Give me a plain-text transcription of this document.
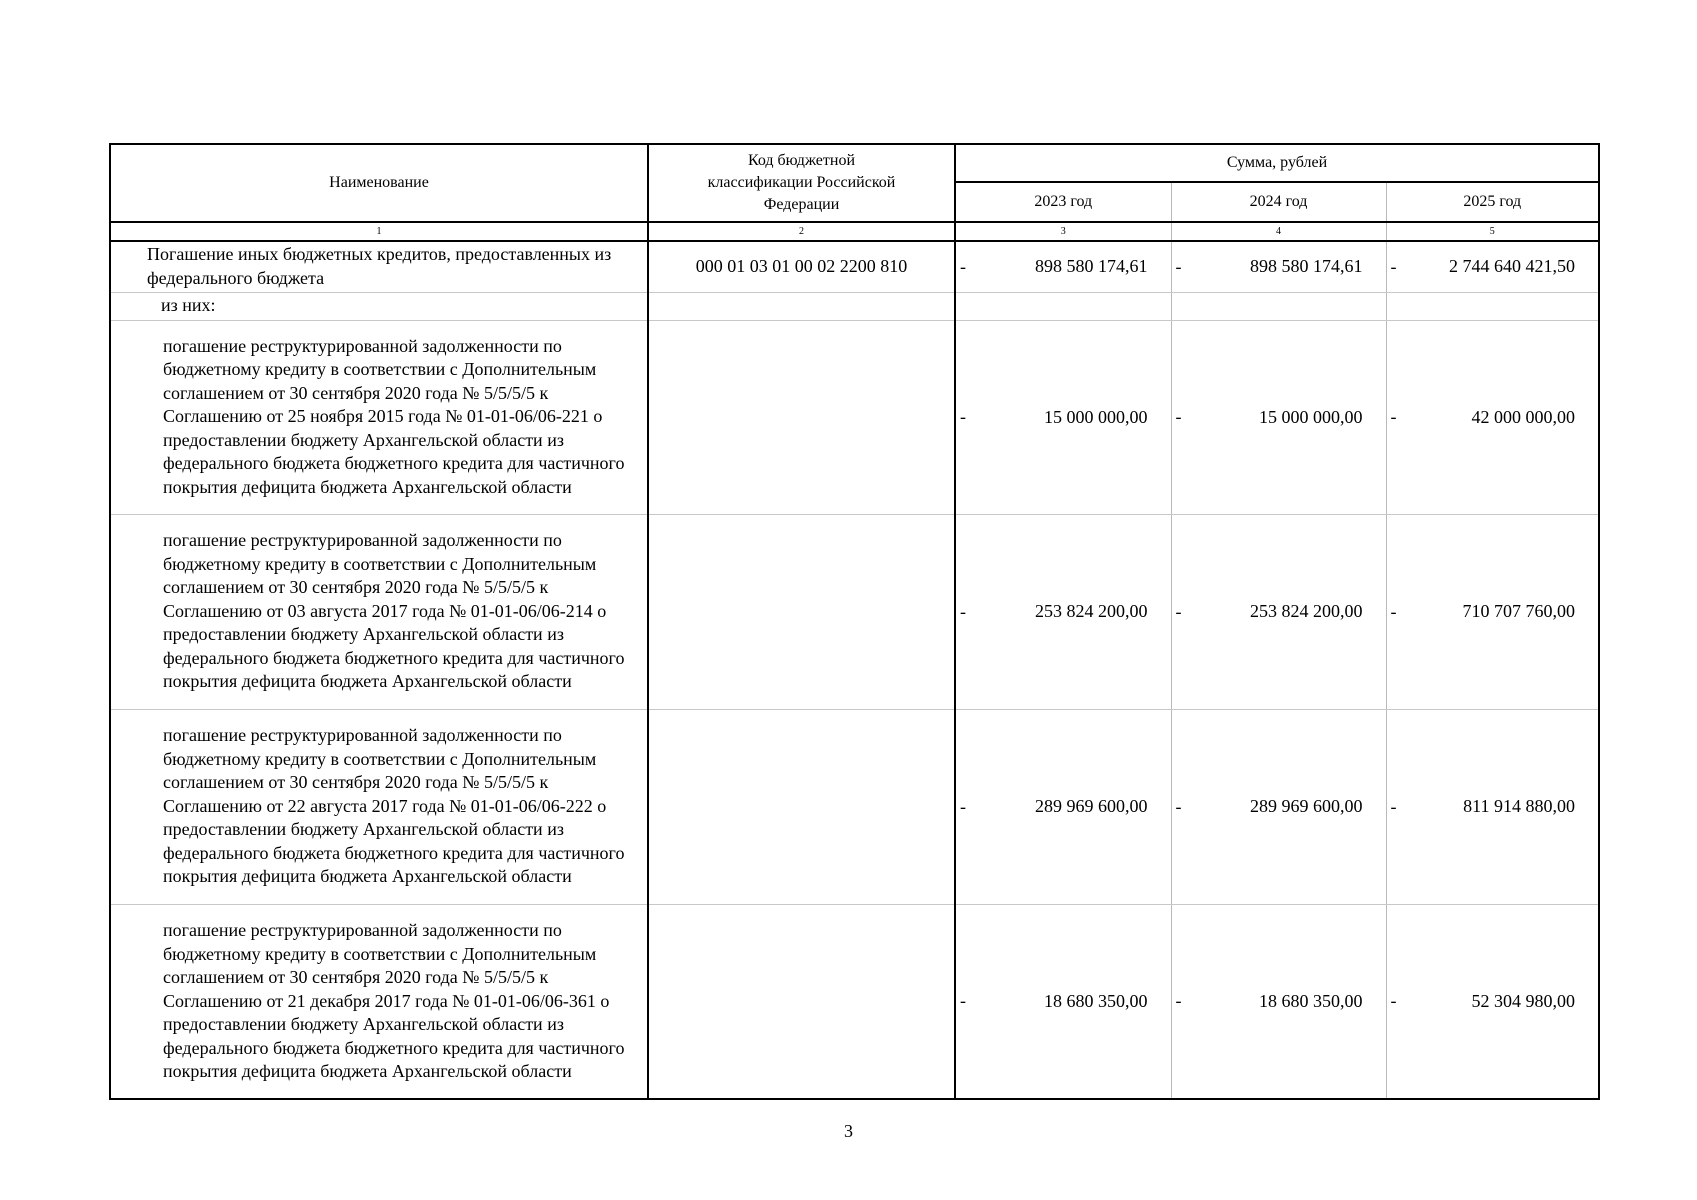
Наименование	Код бюджетной классификации Российской Федерации	Сумма, рублей		
		2023 год	2024 год	2025 год
1	2	3	4	5
Погашение иных бюджетных кредитов, предоставленных из федерального бюджета	000 01 03 01 00 02 2200 810	- 898 580 174,61	- 898 580 174,61	- 2 744 640 421,50

из них:		

погашение реструктурированной задолженности по бюджетному кредиту в соответствии с Дополнительным соглашением от 30 сентября 2020 года № 5/5/5/5 к Соглашению от 25 ноября 2015 года № 01-01-06/06-221 о предоставлении бюджету Архангельской области из федерального бюджета бюджетного кредита для частичного покрытия дефицита бюджета Архангельской области		- 15 000 000,00	- 15 000 000,00	- 42 000 000,00

погашение реструктурированной задолженности по бюджетному кредиту в соответствии с Дополнительным соглашением от 30 сентября 2020 года № 5/5/5/5 к Соглашению от 03 августа 2017 года № 01-01-06/06-214 о предоставлении бюджету Архангельской области из федерального бюджета бюджетного кредита для частичного покрытия дефицита бюджета Архангельской области		- 253 824 200,00	- 253 824 200,00	- 710 707 760,00

погашение реструктурированной задолженности по бюджетному кредиту в соответствии с Дополнительным соглашением от 30 сентября 2020 года № 5/5/5/5 к Соглашению от 22 августа 2017 года № 01-01-06/06-222 о предоставлении бюджету Архангельской области из федерального бюджета бюджетного кредита для частичного покрытия дефицита бюджета Архангельской области		- 289 969 600,00	- 289 969 600,00	- 811 914 880,00

погашение реструктурированной задолженности по бюджетному кредиту в соответствии с Дополнительным соглашением от 30 сентября 2020 года № 5/5/5/5 к Соглашению от 21 декабря 2017 года № 01-01-06/06-361 о предоставлении бюджету Архангельской области из федерального бюджета бюджетного кредита для частичного покрытия дефицита бюджета Архангельской области		- 18 680 350,00	- 18 680 350,00	- 52 304 980,00
3
